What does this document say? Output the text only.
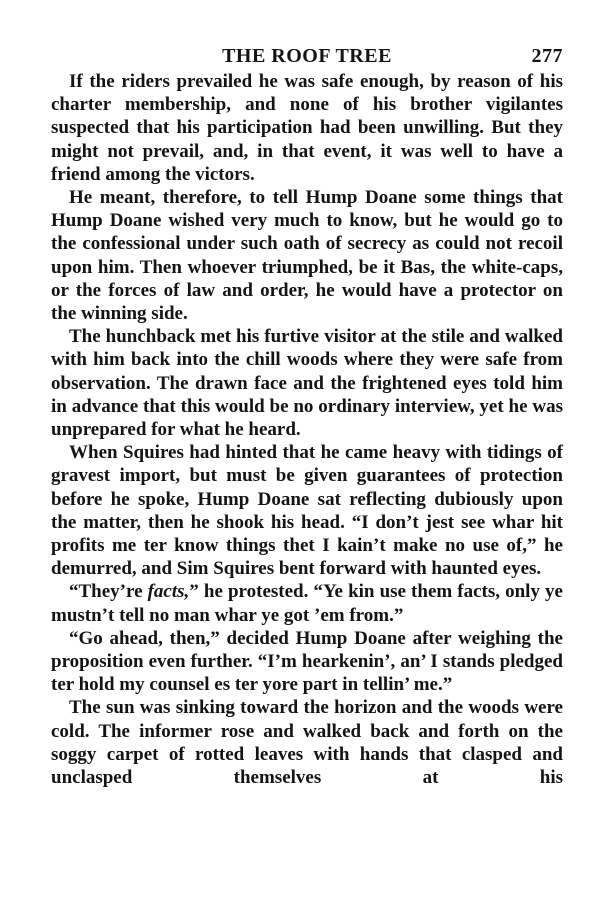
THE ROOF TREE	277

If the riders prevailed he was safe enough, by reason of his charter membership, and none of his brother vigilantes suspected that his participation had been unwilling. But they might not prevail, and, in that event, it was well to have a friend among the victors.

He meant, therefore, to tell Hump Doane some things that Hump Doane wished very much to know, but he would go to the confessional under such oath of secrecy as could not recoil upon him. Then whoever triumphed, be it Bas, the white-caps, or the forces of law and order, he would have a protector on the winning side.

The hunchback met his furtive visitor at the stile and walked with him back into the chill woods where they were safe from observation. The drawn face and the frightened eyes told him in advance that this would be no ordinary interview, yet he was unprepared for what he heard.

When Squires had hinted that he came heavy with tidings of gravest import, but must be given guarantees of protection before he spoke, Hump Doane sat reflecting dubiously upon the matter, then he shook his head. “I don’t jest see whar hit profits me ter know things thet I kain’t make no use of,” he demurred, and Sim Squires bent forward with haunted eyes.

“They’re facts,” he protested. “Ye kin use them facts, only ye mustn’t tell no man whar ye got ’em from.”

“Go ahead, then,” decided Hump Doane after weighing the proposition even further. “I’m hearkenin’, an’ I stands pledged ter hold my counsel es ter yore part in tellin’ me.”

The sun was sinking toward the horizon and the woods were cold. The informer rose and walked back and forth on the soggy carpet of rotted leaves with hands that clasped and unclasped themselves at his
